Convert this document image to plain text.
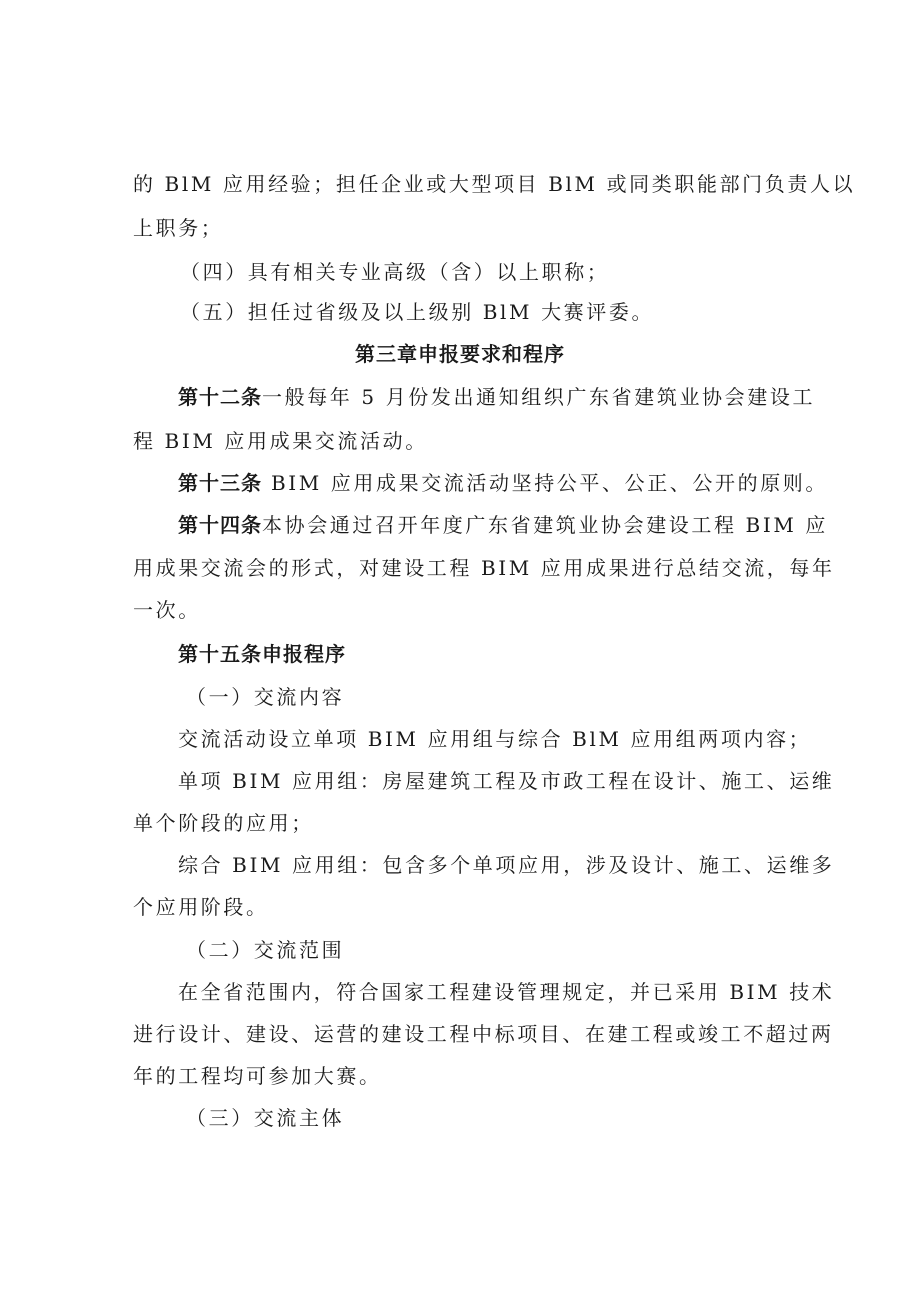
的 BlM 应用经验；担任企业或大型项目 BlM 或同类职能部门负责人以
上职务；
（四）具有相关专业高级（含）以上职称；
（五）担任过省级及以上级别 BlM 大赛评委。
第三章申报要求和程序
第十二条一般每年 5 月份发出通知组织广东省建筑业协会建设工
程 BIM 应用成果交流活动。
第十三条 BIM 应用成果交流活动坚持公平、公正、公开的原则。
第十四条本协会通过召开年度广东省建筑业协会建设工程 BIM 应
用成果交流会的形式，对建设工程 BIM 应用成果进行总结交流，每年
一次。
第十五条申报程序
（一）交流内容
交流活动设立单项 BIM 应用组与综合 BlM 应用组两项内容；
单项 BIM 应用组：房屋建筑工程及市政工程在设计、施工、运维
单个阶段的应用；
综合 BIM 应用组：包含多个单项应用，涉及设计、施工、运维多
个应用阶段。
（二）交流范围
在全省范围内，符合国家工程建设管理规定，并已采用 BIM 技术
进行设计、建设、运营的建设工程中标项目、在建工程或竣工不超过两
年的工程均可参加大赛。
（三）交流主体
